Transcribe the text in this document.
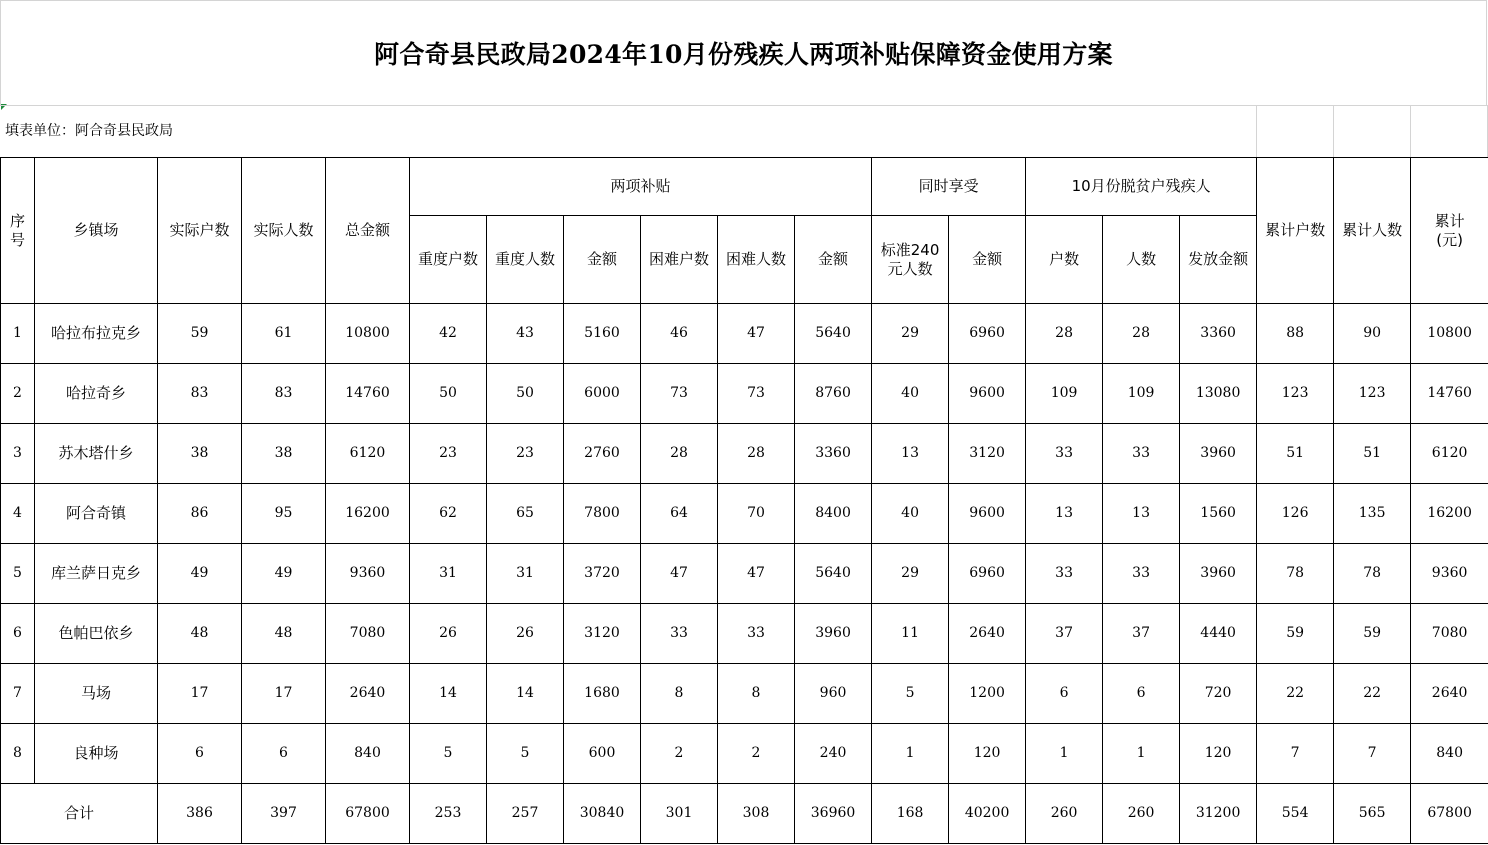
阿合奇县民政局2024年10月份残疾人两项补贴保障资金使用方案
填表单位：阿合奇县民政局
序号	乡镇场	实际户数	实际人数	总金额	两项补贴						同时享受		10月份脱贫户残疾人			累计户数	累计人数	累计(元)
					重度户数	重度人数	金额	困难户数	困难人数	金额	标准240元人数	金额	户数	人数	发放金额			
1	哈拉布拉克乡	59	61	10800	42	43	5160	46	47	5640	29	6960	28	28	3360	88	90	10800
2	哈拉奇乡	83	83	14760	50	50	6000	73	73	8760	40	9600	109	109	13080	123	123	14760
3	苏木塔什乡	38	38	6120	23	23	2760	28	28	3360	13	3120	33	33	3960	51	51	6120
4	阿合奇镇	86	95	16200	62	65	7800	64	70	8400	40	9600	13	13	1560	126	135	16200
5	库兰萨日克乡	49	49	9360	31	31	3720	47	47	5640	29	6960	33	33	3960	78	78	9360
6	色帕巴依乡	48	48	7080	26	26	3120	33	33	3960	11	2640	37	37	4440	59	59	7080
7	马场	17	17	2640	14	14	1680	8	8	960	5	1200	6	6	720	22	22	2640
8	良种场	6	6	840	5	5	600	2	2	240	1	120	1	1	120	7	7	840
合计		386	397	67800	253	257	30840	301	308	36960	168	40200	260	260	31200	554	565	67800
